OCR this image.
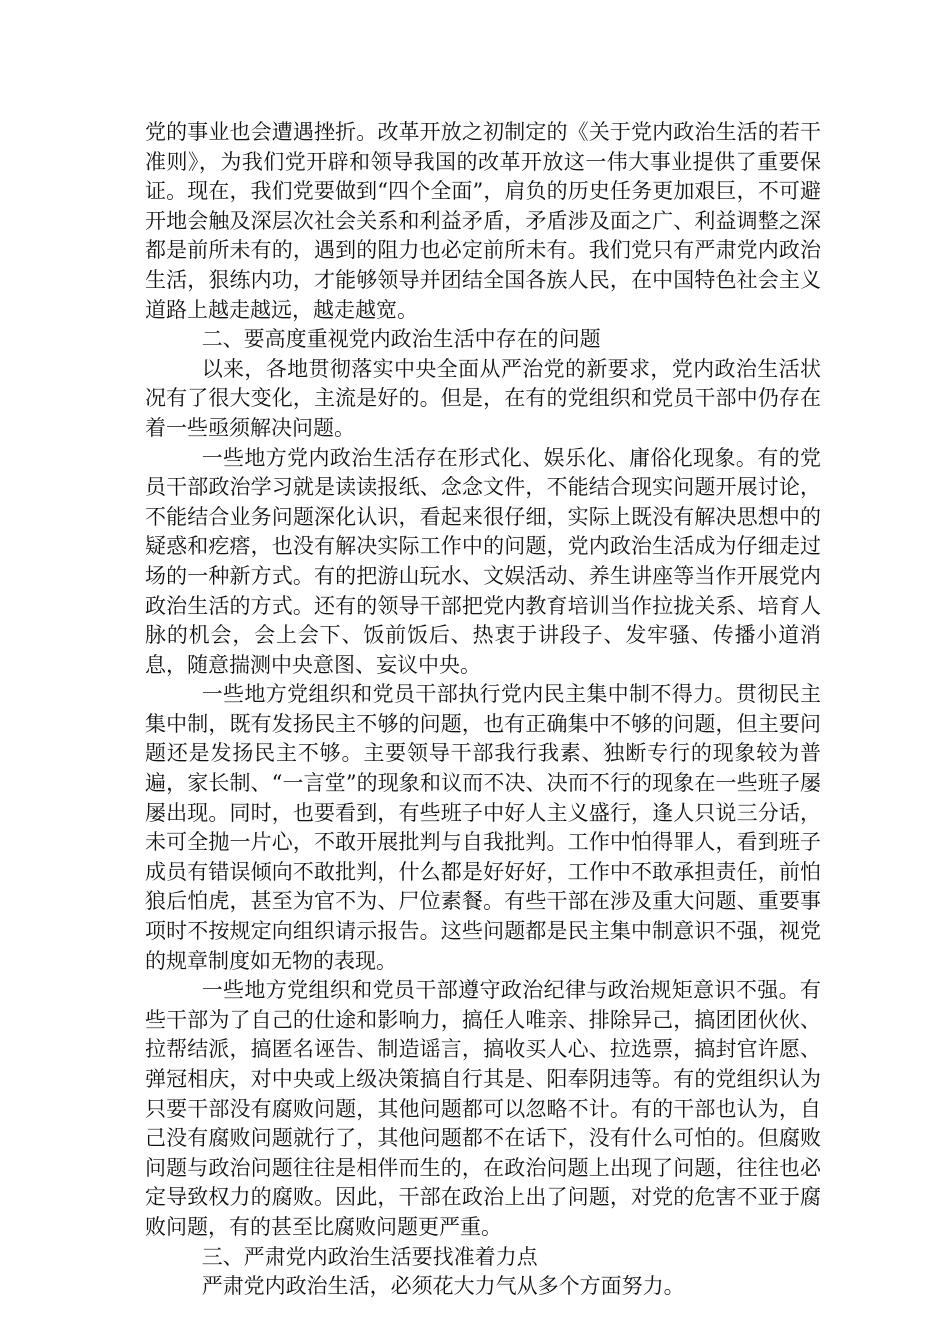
党的事业也会遭遇挫折。改革开放之初制定的《关于党内政治生活的若干准则》，为我们党开辟和领导我国的改革开放这一伟大事业提供了重要保证。现在，我们党要做到“四个全面”，肩负的历史任务更加艰巨，不可避开地会触及深层次社会关系和利益矛盾，矛盾涉及面之广、利益调整之深都是前所未有的，遇到的阻力也必定前所未有。我们党只有严肃党内政治生活，狠练内功，才能够领导并团结全国各族人民，在中国特色社会主义道路上越走越远，越走越宽。

二、要高度重视党内政治生活中存在的问题

以来，各地贯彻落实中央全面从严治党的新要求，党内政治生活状况有了很大变化，主流是好的。但是，在有的党组织和党员干部中仍存在着一些亟须解决问题。

一些地方党内政治生活存在形式化、娱乐化、庸俗化现象。有的党员干部政治学习就是读读报纸、念念文件，不能结合现实问题开展讨论，不能结合业务问题深化认识，看起来很仔细，实际上既没有解决思想中的疑惑和疙瘩，也没有解决实际工作中的问题，党内政治生活成为仔细走过场的一种新方式。有的把游山玩水、文娱活动、养生讲座等当作开展党内政治生活的方式。还有的领导干部把党内教育培训当作拉拢关系、培育人脉的机会，会上会下、饭前饭后、热衷于讲段子、发牢骚、传播小道消息，随意揣测中央意图、妄议中央。

一些地方党组织和党员干部执行党内民主集中制不得力。贯彻民主集中制，既有发扬民主不够的问题，也有正确集中不够的问题，但主要问题还是发扬民主不够。主要领导干部我行我素、独断专行的现象较为普遍，家长制、“一言堂”的现象和议而不决、决而不行的现象在一些班子屡屡出现。同时，也要看到，有些班子中好人主义盛行，逢人只说三分话，未可全抛一片心，不敢开展批判与自我批判。工作中怕得罪人，看到班子成员有错误倾向不敢批判，什么都是好好好，工作中不敢承担责任，前怕狼后怕虎，甚至为官不为、尸位素餐。有些干部在涉及重大问题、重要事项时不按规定向组织请示报告。这些问题都是民主集中制意识不强，视党的规章制度如无物的表现。

一些地方党组织和党员干部遵守政治纪律与政治规矩意识不强。有些干部为了自己的仕途和影响力，搞任人唯亲、排除异己，搞团团伙伙、拉帮结派，搞匿名诬告、制造谣言，搞收买人心、拉选票，搞封官许愿、弹冠相庆，对中央或上级决策搞自行其是、阳奉阴违等。有的党组织认为只要干部没有腐败问题，其他问题都可以忽略不计。有的干部也认为，自己没有腐败问题就行了，其他问题都不在话下，没有什么可怕的。但腐败问题与政治问题往往是相伴而生的，在政治问题上出现了问题，往往也必定导致权力的腐败。因此，干部在政治上出了问题，对党的危害不亚于腐败问题，有的甚至比腐败问题更严重。

三、严肃党内政治生活要找准着力点

严肃党内政治生活，必须花大力气从多个方面努力。
